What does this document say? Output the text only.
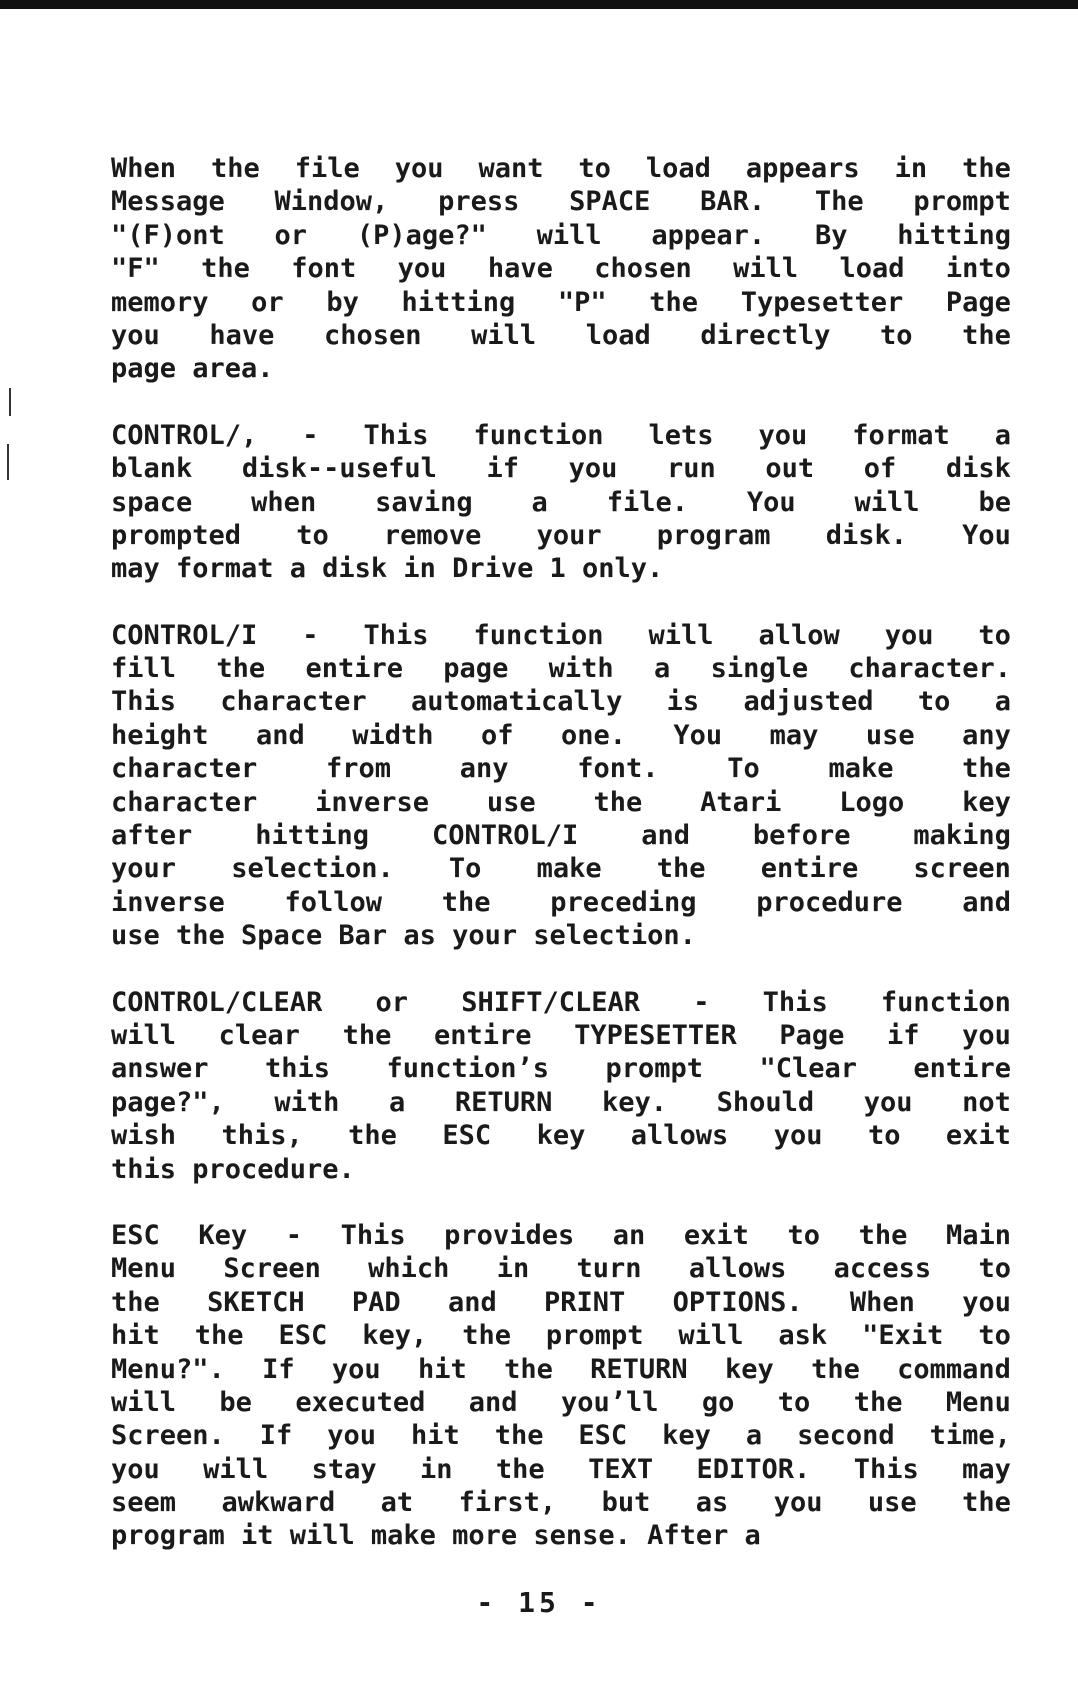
When the file you want to load appears in the
Message Window, press SPACE BAR. The prompt
"(F)ont or (P)age?" will appear. By hitting
"F" the font you have chosen will load into
memory or by hitting "P" the Typesetter Page
you have chosen will load directly to the
page area.
CONTROL/, - This function lets you format a
blank disk--useful if you run out of disk
space when saving a file. You will be
prompted to remove your program disk. You
may format a disk in Drive 1 only.
CONTROL/I - This function will allow you to
fill the entire page with a single character.
This character automatically is adjusted to a
height and width of one. You may use any
character	from	any	font.	To	make	the
character inverse use the Atari Logo key
after hitting CONTROL/I and before making
your selection. To make the entire screen
inverse follow the preceding procedure and
use the Space Bar as your selection.
CONTROL/CLEAR or SHIFT/CLEAR - This function
will clear the entire TYPESETTER Page if you
answer this function’s prompt "Clear entire
page?", with a RETURN key. Should you not
wish this, the ESC key allows you to exit
this procedure.
ESC Key - This provides an exit to the Main
Menu Screen which in turn allows access to
the SKETCH PAD and PRINT OPTIONS. When you
hit the ESC key, the prompt will ask "Exit to
Menu?". If you hit the RETURN key the command
will be executed and you’ll go to the Menu
Screen. If you hit the ESC key a second time,
you will stay in the TEXT EDITOR. This may
seem awkward at first, but as you use the
program it will make more sense. After a
- 15 -
